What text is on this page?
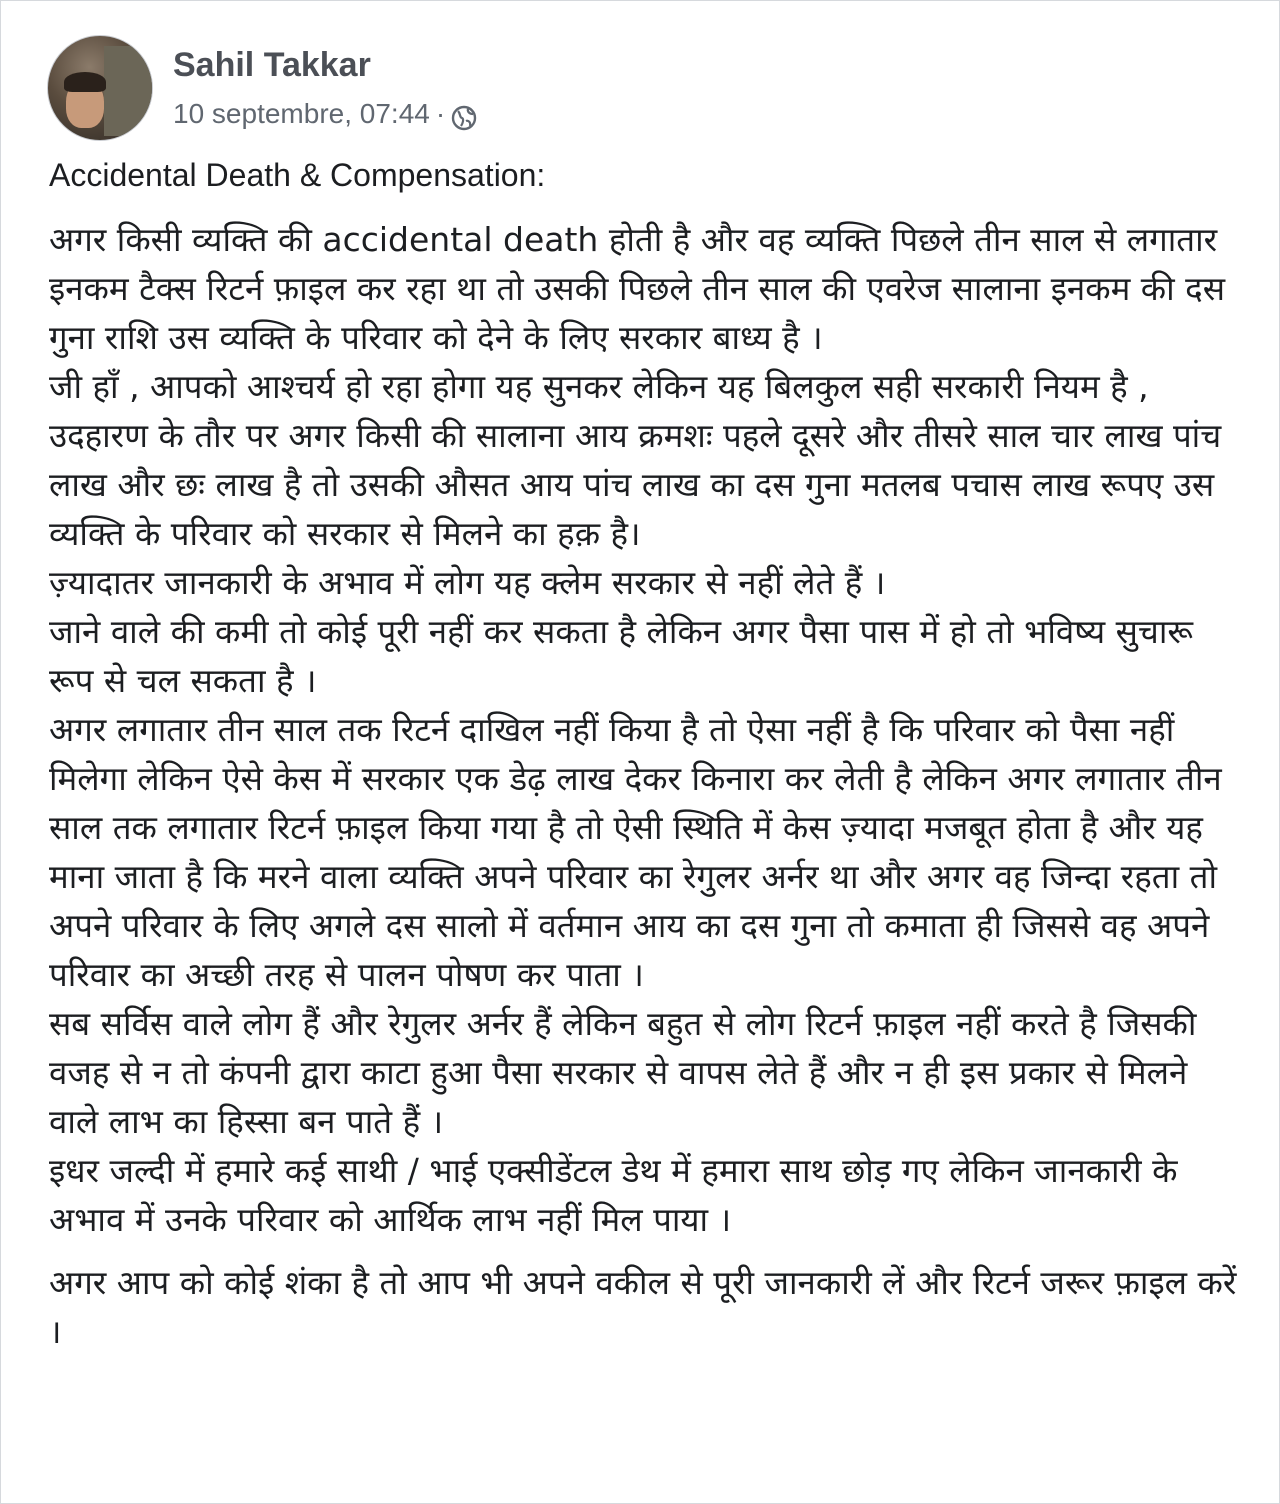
Sahil Takkar
10 septembre, 07:44 ·
Accidental Death & Compensation:

अगर किसी व्यक्ति की accidental death होती है और वह व्यक्ति पिछले तीन साल से लगातार इनकम टैक्स रिटर्न फ़ाइल कर रहा था तो उसकी पिछले तीन साल की एवरेज सालाना इनकम की दस गुना राशि उस व्यक्ति के परिवार को देने के लिए सरकार बाध्य है ।

जी हाँ , आपको आश्चर्य हो रहा होगा यह सुनकर लेकिन यह बिलकुल सही सरकारी नियम है , उदहारण के तौर पर अगर किसी की सालाना आय क्रमशः पहले दूसरे और तीसरे साल चार लाख पांच लाख और छः लाख है तो उसकी औसत आय पांच लाख का दस गुना मतलब पचास लाख रूपए उस व्यक्ति के परिवार को सरकार से मिलने का हक़ है।

ज़्यादातर जानकारी के अभाव में लोग यह क्लेम सरकार से नहीं लेते हैं ।

जाने वाले की कमी तो कोई पूरी नहीं कर सकता है लेकिन अगर पैसा पास में हो तो भविष्य सुचारू रूप से चल सकता है ।

अगर लगातार तीन साल तक रिटर्न दाखिल नहीं किया है तो ऐसा नहीं है कि परिवार को पैसा नहीं मिलेगा लेकिन ऐसे केस में सरकार एक डेढ़ लाख देकर किनारा कर लेती है लेकिन अगर लगातार तीन साल तक लगातार रिटर्न फ़ाइल किया गया है तो ऐसी स्थिति में केस ज़्यादा मजबूत होता है और यह माना जाता है कि मरने वाला व्यक्ति अपने परिवार का रेगुलर अर्नर था और अगर वह जिन्दा रहता तो अपने परिवार के लिए अगले दस सालो में वर्तमान आय का दस गुना तो कमाता ही जिससे वह अपने परिवार का अच्छी तरह से पालन पोषण कर पाता ।

सब सर्विस वाले लोग हैं और रेगुलर अर्नर हैं लेकिन बहुत से लोग रिटर्न फ़ाइल नहीं करते है जिसकी वजह से न तो कंपनी द्वारा काटा हुआ पैसा सरकार से वापस लेते हैं और न ही इस प्रकार से मिलने वाले लाभ का हिस्सा बन पाते हैं ।

इधर जल्दी में हमारे कई साथी / भाई एक्सीडेंटल डेथ में हमारा साथ छोड़ गए लेकिन जानकारी के अभाव में उनके परिवार को आर्थिक लाभ नहीं मिल पाया ।

अगर आप को कोई शंका है तो आप भी अपने वकील से पूरी जानकारी लें और रिटर्न जरूर फ़ाइल करें ।
